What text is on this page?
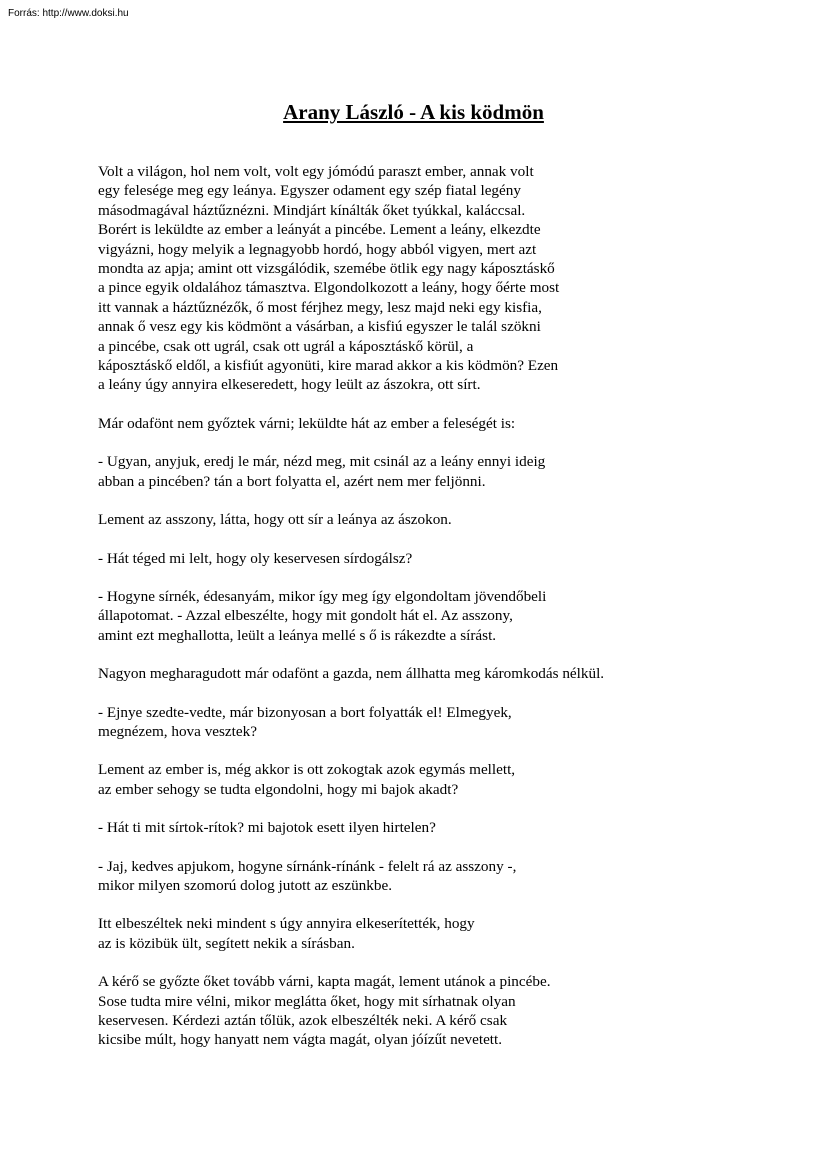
Forrás: http://www.doksi.hu
Arany László - A kis ködmön

Volt a világon, hol nem volt, volt egy jómódú paraszt ember, annak volt
egy felesége meg egy leánya. Egyszer odament egy szép fiatal legény
másodmagával háztűznézni. Mindjárt kínálták őket tyúkkal, kaláccsal.
Borért is leküldte az ember a leányát a pincébe. Lement a leány, elkezdte
vigyázni, hogy melyik a legnagyobb hordó, hogy abból vigyen, mert azt
mondta az apja; amint ott vizsgálódik, szemébe ötlik egy nagy káposztáskő
a pince egyik oldalához támasztva. Elgondolkozott a leány, hogy őérte most
itt vannak a háztűznézők, ő most férjhez megy, lesz majd neki egy kisfia,
annak ő vesz egy kis ködmönt a vásárban, a kisfiú egyszer le talál szökni
a pincébe, csak ott ugrál, csak ott ugrál a káposztáskő körül, a
káposztáskő eldől, a kisfiút agyonüti, kire marad akkor a kis ködmön? Ezen
a leány úgy annyira elkeseredett, hogy leült az ászokra, ott sírt.

Már odafönt nem győztek várni; leküldte hát az ember a feleségét is:

- Ugyan, anyjuk, eredj le már, nézd meg, mit csinál az a leány ennyi ideig
abban a pincében? tán a bort folyatta el, azért nem mer feljönni.

Lement az asszony, látta, hogy ott sír a leánya az ászokon.

- Hát téged mi lelt, hogy oly keservesen sírdogálsz?

- Hogyne sírnék, édesanyám, mikor így meg így elgondoltam jövendőbeli
állapotomat. - Azzal elbeszélte, hogy mit gondolt hát el. Az asszony,
amint ezt meghallotta, leült a leánya mellé s ő is rákezdte a sírást.

Nagyon megharagudott már odafönt a gazda, nem állhatta meg káromkodás nélkül.

- Ejnye szedte-vedte, már bizonyosan a bort folyatták el! Elmegyek,
megnézem, hova vesztek?

Lement az ember is, még akkor is ott zokogtak azok egymás mellett,
az ember sehogy se tudta elgondolni, hogy mi bajok akadt?

- Hát ti mit sírtok-rítok? mi bajotok esett ilyen hirtelen?

- Jaj, kedves apjukom, hogyne sírnánk-rínánk - felelt rá az asszony -,
mikor milyen szomorú dolog jutott az eszünkbe.

Itt elbeszéltek neki mindent s úgy annyira elkeserítették, hogy
az is közibük ült, segített nekik a sírásban.

A kérő se győzte őket tovább várni, kapta magát, lement utánok a pincébe.
Sose tudta mire vélni, mikor meglátta őket, hogy mit sírhatnak olyan
keservesen. Kérdezi aztán tőlük, azok elbeszélték neki. A kérő csak
kicsibe múlt, hogy hanyatt nem vágta magát, olyan jóízűt nevetett.
